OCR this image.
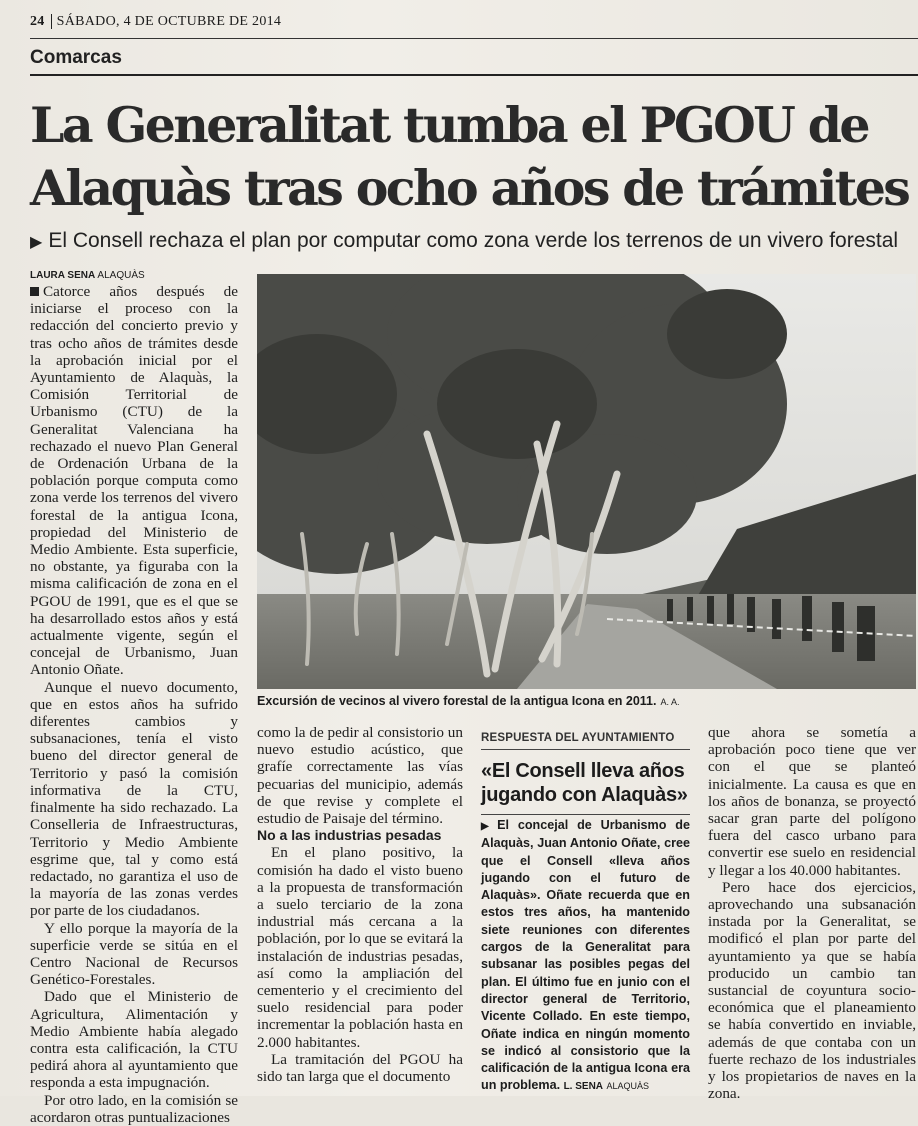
24 SÁBADO, 4 DE OCTUBRE DE 2014
Comarcas
La Generalitat tumba el PGOU de Alaquàs tras ocho años de trámites
▶ El Consell rechaza el plan por computar como zona verde los terrenos de un vivero forestal
LAURA SENA ALAQUÀS

Catorce años después de iniciarse el proceso con la redacción del concierto previo y tras ocho años de trámites desde la aprobación inicial por el Ayuntamiento de Alaquàs, la Comisión Territorial de Urbanismo (CTU) de la Generalitat Valenciana ha rechazado el nuevo Plan General de Ordenación Urbana de la población porque computa como zona verde los terrenos del vivero forestal de la antigua Icona, propiedad del Ministerio de Medio Ambiente. Esta superficie, no obstante, ya figuraba con la misma calificación de zona en el PGOU de 1991, que es el que se ha desarrollado estos años y está actualmente vigente, según el concejal de Urbanismo, Juan Antonio Oñate.

Aunque el nuevo documento, que en estos años ha sufrido diferentes cambios y subsanaciones, tenía el visto bueno del director general de Territorio y pasó la comisión informativa de la CTU, finalmente ha sido rechazado. La Conselleria de Infraestructuras, Territorio y Medio Ambiente esgrime que, tal y como está redactado, no garantiza el uso de la mayoría de las zonas verdes por parte de los ciudadanos.

Y ello porque la mayoría de la superficie verde se sitúa en el Centro Nacional de Recursos Genético-Forestales.

Dado que el Ministerio de Agricultura, Alimentación y Medio Ambiente había alegado contra esta calificación, la CTU pedirá ahora al ayuntamiento que responda a esta impugnación.

Por otro lado, en la comisión se acordaron otras puntualizaciones

Excursión de vecinos al vivero forestal de la antigua Icona en 2011. A. A.

como la de pedir al consistorio un nuevo estudio acústico, que grafíe correctamente las vías pecuarias del municipio, además de que revise y complete el estudio de Paisaje del término.

No a las industrias pesadas

En el plano positivo, la comisión ha dado el visto bueno a la propuesta de transformación a suelo terciario de la zona industrial más cercana a la población, por lo que se evitará la instalación de industrias pesadas, así como la ampliación del cementerio y el crecimiento del suelo residencial para poder incrementar la población hasta en 2.000 habitantes.

La tramitación del PGOU ha sido tan larga que el documento

RESPUESTA DEL AYUNTAMIENTO
«El Consell lleva años jugando con Alaquàs»
▶ El concejal de Urbanismo de Alaquàs, Juan Antonio Oñate, cree que el Consell «lleva años jugando con el futuro de Alaquàs». Oñate recuerda que en estos tres años, ha mantenido siete reuniones con diferentes cargos de la Generalitat para subsanar las posibles pegas del plan. El último fue en junio con el director general de Territorio, Vicente Collado. En este tiempo, Oñate indica en ningún momento se indicó al consistorio que la calificación de la antigua Icona era un problema. L. SENA ALAQUÀS

que ahora se sometía a aprobación poco tiene que ver con el que se planteó inicialmente. La causa es que en los años de bonanza, se proyectó sacar gran parte del polígono fuera del casco urbano para convertir ese suelo en residencial y llegar a los 40.000 habitantes.

Pero hace dos ejercicios, aprovechando una subsanación instada por la Generalitat, se modificó el plan por parte del ayuntamiento ya que se había producido un cambio tan sustancial de coyuntura socio-económica que el planeamiento se había convertido en inviable, además de que contaba con un fuerte rechazo de los industriales y los propietarios de naves en la zona.
